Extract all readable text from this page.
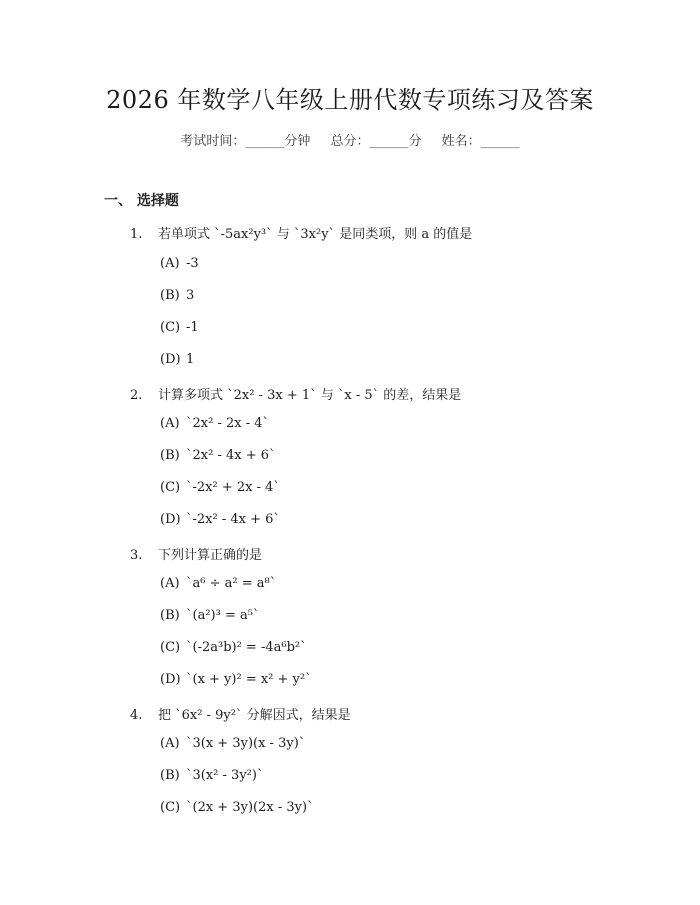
2026 年数学八年级上册代数专项练习及答案
考试时间：______分钟 总分：______分 姓名：______
一、 选择题
1. 若单项式 `-5ax²y³` 与 `3x²y` 是同类项，则 a 的值是
(A) -3
(B) 3
(C) -1
(D) 1
2. 计算多项式 `2x² - 3x + 1` 与 `x - 5` 的差，结果是
(A) `2x² - 2x - 4`
(B) `2x² - 4x + 6`
(C) `-2x² + 2x - 4`
(D) `-2x² - 4x + 6`
3. 下列计算正确的是
(A) `a⁶ ÷ a² = a⁸`
(B) `(a²)³ = a⁵`
(C) `(-2a³b)² = -4a⁶b²`
(D) `(x + y)² = x² + y²`
4. 把 `6x² - 9y²` 分解因式，结果是
(A) `3(x + 3y)(x - 3y)`
(B) `3(x² - 3y²)`
(C) `(2x + 3y)(2x - 3y)`
